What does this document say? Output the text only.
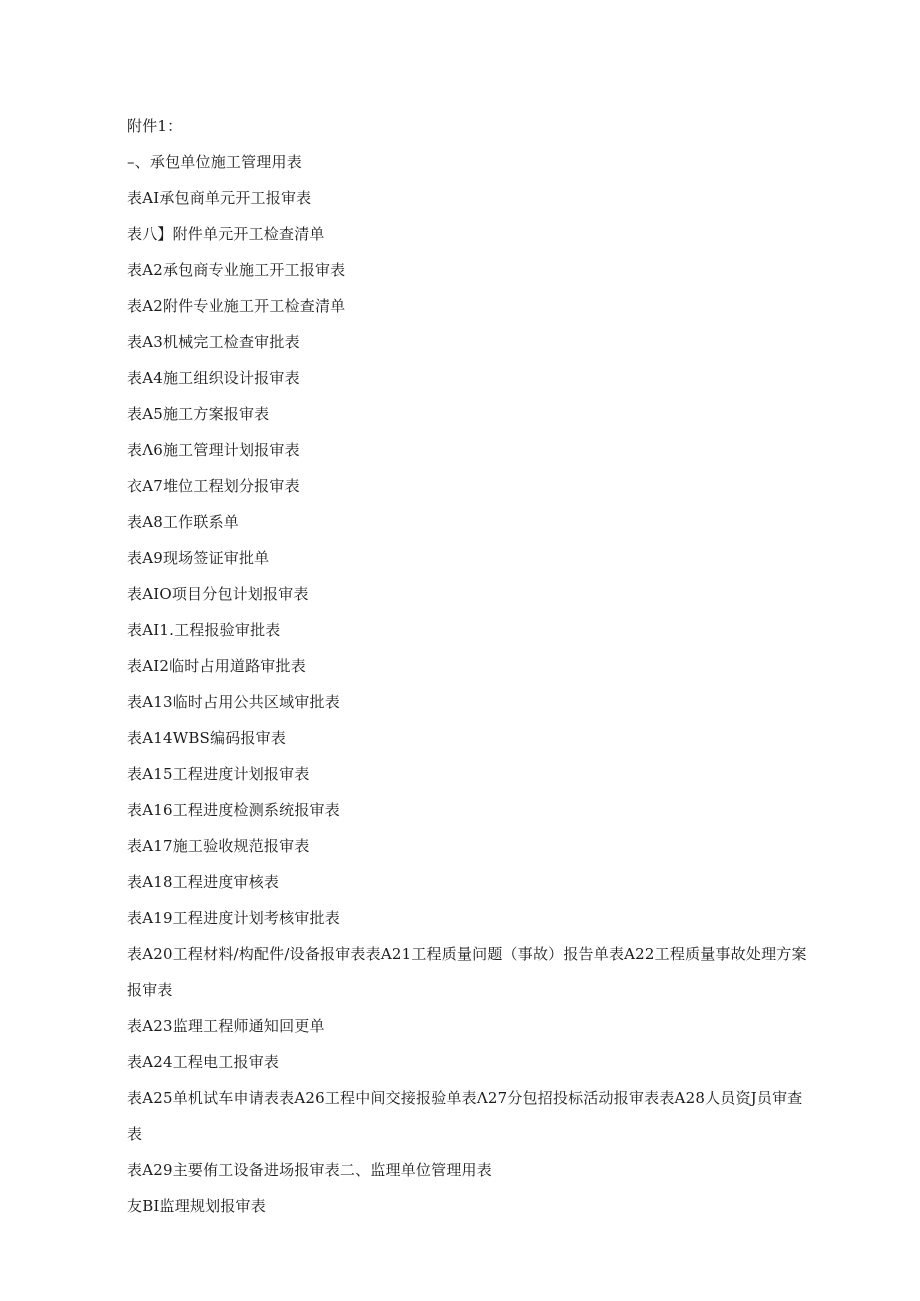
附件1：
–、承包单位施工管理用表
表AI承包商单元开工报审表
表八】附件单元开工检查清单
表A2承包商专业施工开工报审表
表A2附件专业施工开工检查清单
表A3机械完工检查审批表
表A4施工组织设计报审表
表A5施工方案报审表
表Λ6施工管理计划报审表
衣A7堆位工程划分报审表
表A8工作联系单
表A9现场签证审批单
表AIO项目分包计划报审表
表AI1.工程报验审批表
表AI2临时占用道路审批表
表A13临时占用公共区域审批表
表A14WBS编码报审表
表A15工程进度计划报审表
表A16工程进度检测系统报审表
表A17施工验收规范报审表
表A18工程进度审核表
表A19工程进度计划考核审批表
表A20工程材料/构配件/设备报审表表A21工程质量问题（事故）报告单表A22工程质量事故处理方案报审表
表A23监理工程师通知回更单
表A24工程电工报审表
表A25单机试车申请表表A26工程中间交接报验单表Λ27分包招投标活动报审表表A28人员资J员审查表
表A29主要侑工设备进场报审表二、监理单位管理用表
友BI监理规划报审表
